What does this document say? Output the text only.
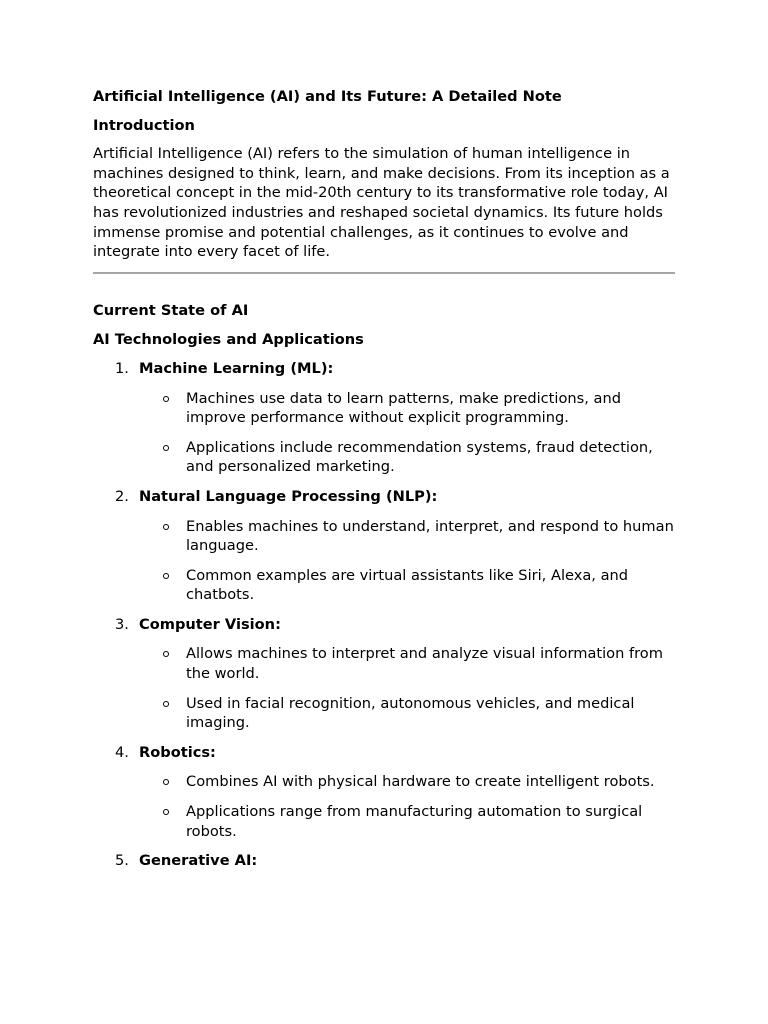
Artificial Intelligence (AI) and Its Future: A Detailed Note
Introduction

Artificial Intelligence (AI) refers to the simulation of human intelligence in machines designed to think, learn, and make decisions. From its inception as a theoretical concept in the mid-20th century to its transformative role today, AI has revolutionized industries and reshaped societal dynamics. Its future holds immense promise and potential challenges, as it continues to evolve and integrate into every facet of life.

Current State of AI
AI Technologies and Applications
1. Machine Learning (ML):
Machines use data to learn patterns, make predictions, and improve performance without explicit programming.
Applications include recommendation systems, fraud detection, and personalized marketing.
2. Natural Language Processing (NLP):
Enables machines to understand, interpret, and respond to human language.
Common examples are virtual assistants like Siri, Alexa, and chatbots.
3. Computer Vision:
Allows machines to interpret and analyze visual information from the world.
Used in facial recognition, autonomous vehicles, and medical imaging.
4. Robotics:
Combines AI with physical hardware to create intelligent robots.
Applications range from manufacturing automation to surgical robots.
5. Generative AI:
